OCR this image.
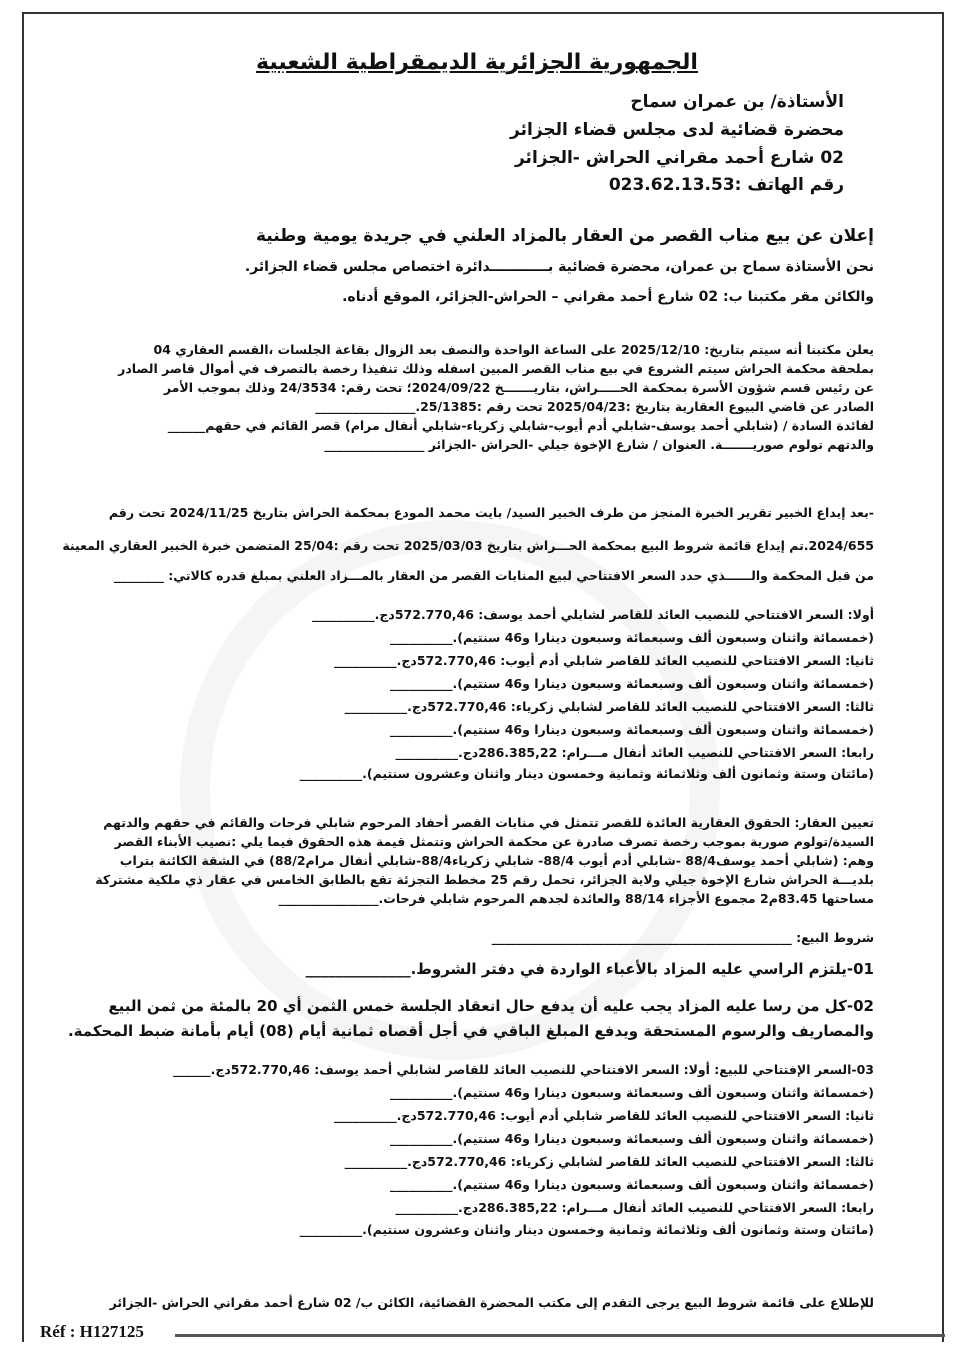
الجمهورية الجزائرية الديمقراطية الشعبية
إعلان عن بيع مناب القصر من العقار بالمزاد العلني في جريدة يومية وطنية
الأستاذة/ بن عمران سماح
محضرة قضائية لدى مجلس قضاء الجزائر
02 شارع أحمد مقراني الحراش -الجزائر
رقم الهاتف :023.62.13.53
نحن الأستاذة سماح بن عمران، محضرة قضائية بــــــــــــدائرة اختصاص مجلس قضاء الجزائر.
والكائن مقر مكتبنا ب: 02 شارع أحمد مقراني – الحراش-الجزائر، الموقع أدناه.
يعلن مكتبنا أنه سيتم بتاريخ: 2025/12/10 على الساعة الواحدة والنصف بعد الزوال بقاعة الجلسات ،القسم العقاري 04
بملحقة محكمة الحراش سيتم الشروع في بيع مناب القصر المبين اسفله وذلك تنفيذا رخصة بالتصرف في أموال قاصر الصادر
عن رئيس قسم شؤون الأسرة بمحكمة الحـــــراش، بتاريـــــــخ 2024/09/22؛ تحت رقم: 24/3534 وذلك بموجب الأمر
الصادر عن قاضي البيوع العقارية بتاريخ :2025/04/23 تحت رقم :25/1385.________________
لفائدة السادة / (شابلي أحمد يوسف-شابلي أدم أيوب-شابلي زكرياء-شابلي أنفال مرام) قصر القائم في حقهم______
والدتهم تولوم صوريـــــــة. العنوان / شارع الإخوة جيلي -الحراش -الجزائر ________________
-بعد إيداع الخبير تقرير الخبرة المنجز من طرف الخبير السيد/ بايت محمد المودع بمحكمة الحراش بتاريخ 2024/11/25 تحت رقم
2024/655.تم إيداع قائمة شروط البيع بمحكمة الحـــراش بتاريخ 2025/03/03 تحت رقم :25/04 المتضمن خبرة الخبير العقاري المعينة
من قبل المحكمة والــــــذي حدد السعر الافتتاحي لبيع المنابات القصر من العقار بالمـــزاد العلني بمبلغ قدره كالاتي: ________
أولا: السعر الافتتاحي للنصيب العائد للقاصر لشابلي أحمد يوسف: 572.770,46دج.__________
(خمسمائة واثنان وسبعون ألف وسبعمائة وسبعون دينارا و46 سنتيم).__________
ثانيا: السعر الافتتاحي للنصيب العائد للقاصر شابلي أدم أيوب: 572.770,46دج.__________
(خمسمائة واثنان وسبعون ألف وسبعمائة وسبعون دينارا و46 سنتيم).__________
ثالثا: السعر الافتتاحي للنصيب العائد للقاصر لشابلي زكرياء: 572.770,46دج.__________
(خمسمائة واثنان وسبعون ألف وسبعمائة وسبعون دينارا و46 سنتيم).__________
رابعا: السعر الافتتاحي للنصيب العائد أنفال مـــرام: 286.385,22دج.__________
(مائتان وستة وثمانون ألف وثلاثمائة وثمانية وخمسون دينار واثنان وعشرون سنتيم).__________
تعيين العقار: الحقوق العقارية العائدة للقصر تتمثل في منابات القصر أحفاد المرحوم شابلي فرحات والقائم في حقهم والدتهم
السيدة/تولوم صورية بموجب رخصة تصرف صادرة عن محكمة الحراش وتتمثل قيمة هذه الحقوق فيما يلي :نصيب الأبناء القصر
وهم: (شابلي أحمد يوسف88/4 -شابلي أدم أيوب 88/4- شابلي زكرياء88/4-شابلي أنفال مرام88/2) في الشقة الكائنة بتراب
بلديـــة الحراش شارع الإخوة جيلي ولاية الجزائر، تحمل رقم 25 مخطط التجزئة تقع بالطابق الخامس في عقار ذي ملكية مشتركة
مساحتها 83.45م2 مجموع الأجزاء 88/14 والعائدة لجدهم المرحوم شابلي فرحات.________________
01-يلتزم الراسي عليه المزاد بالأعباء الواردة في دفتر الشروط.______________
02-كل من رسا عليه المزاد يجب عليه أن يدفع حال انعقاد الجلسة خمس الثمن أي 20 بالمئة من ثمن البيع
والمصاريف والرسوم المستحقة ويدفع المبلغ الباقي في أجل أقصاه ثمانية أيام (08) أيام بأمانة ضبط المحكمة.
03-السعر الإفتتاحي للبيع: أولا: السعر الافتتاحي للنصيب العائد للقاصر لشابلي أحمد يوسف: 572.770,46دج.______
(خمسمائة واثنان وسبعون ألف وسبعمائة وسبعون دينارا و46 سنتيم).__________
ثانيا: السعر الافتتاحي للنصيب العائد للقاصر شابلي أدم أيوب: 572.770,46دج.__________
(خمسمائة واثنان وسبعون ألف وسبعمائة وسبعون دينارا و46 سنتيم).__________
ثالثا: السعر الافتتاحي للنصيب العائد للقاصر لشابلي زكرياء: 572.770,46دج.__________
(خمسمائة واثنان وسبعون ألف وسبعمائة وسبعون دينارا و46 سنتيم).__________
رابعا: السعر الافتتاحي للنصيب العائد أنفال مـــرام: 286.385,22دج.__________
(مائتان وستة وثمانون ألف وثلاثمائة وثمانية وخمسون دينار واثنان وعشرون سنتيم).__________
شروط البيع: ________________________________________________
للإطلاع على قائمة شروط البيع يرجى التقدم إلى مكتب المحضرة القضائية، الكائن ب/ 02 شارع أحمد مقراني الحراش -الجزائر
Réf : H127125
